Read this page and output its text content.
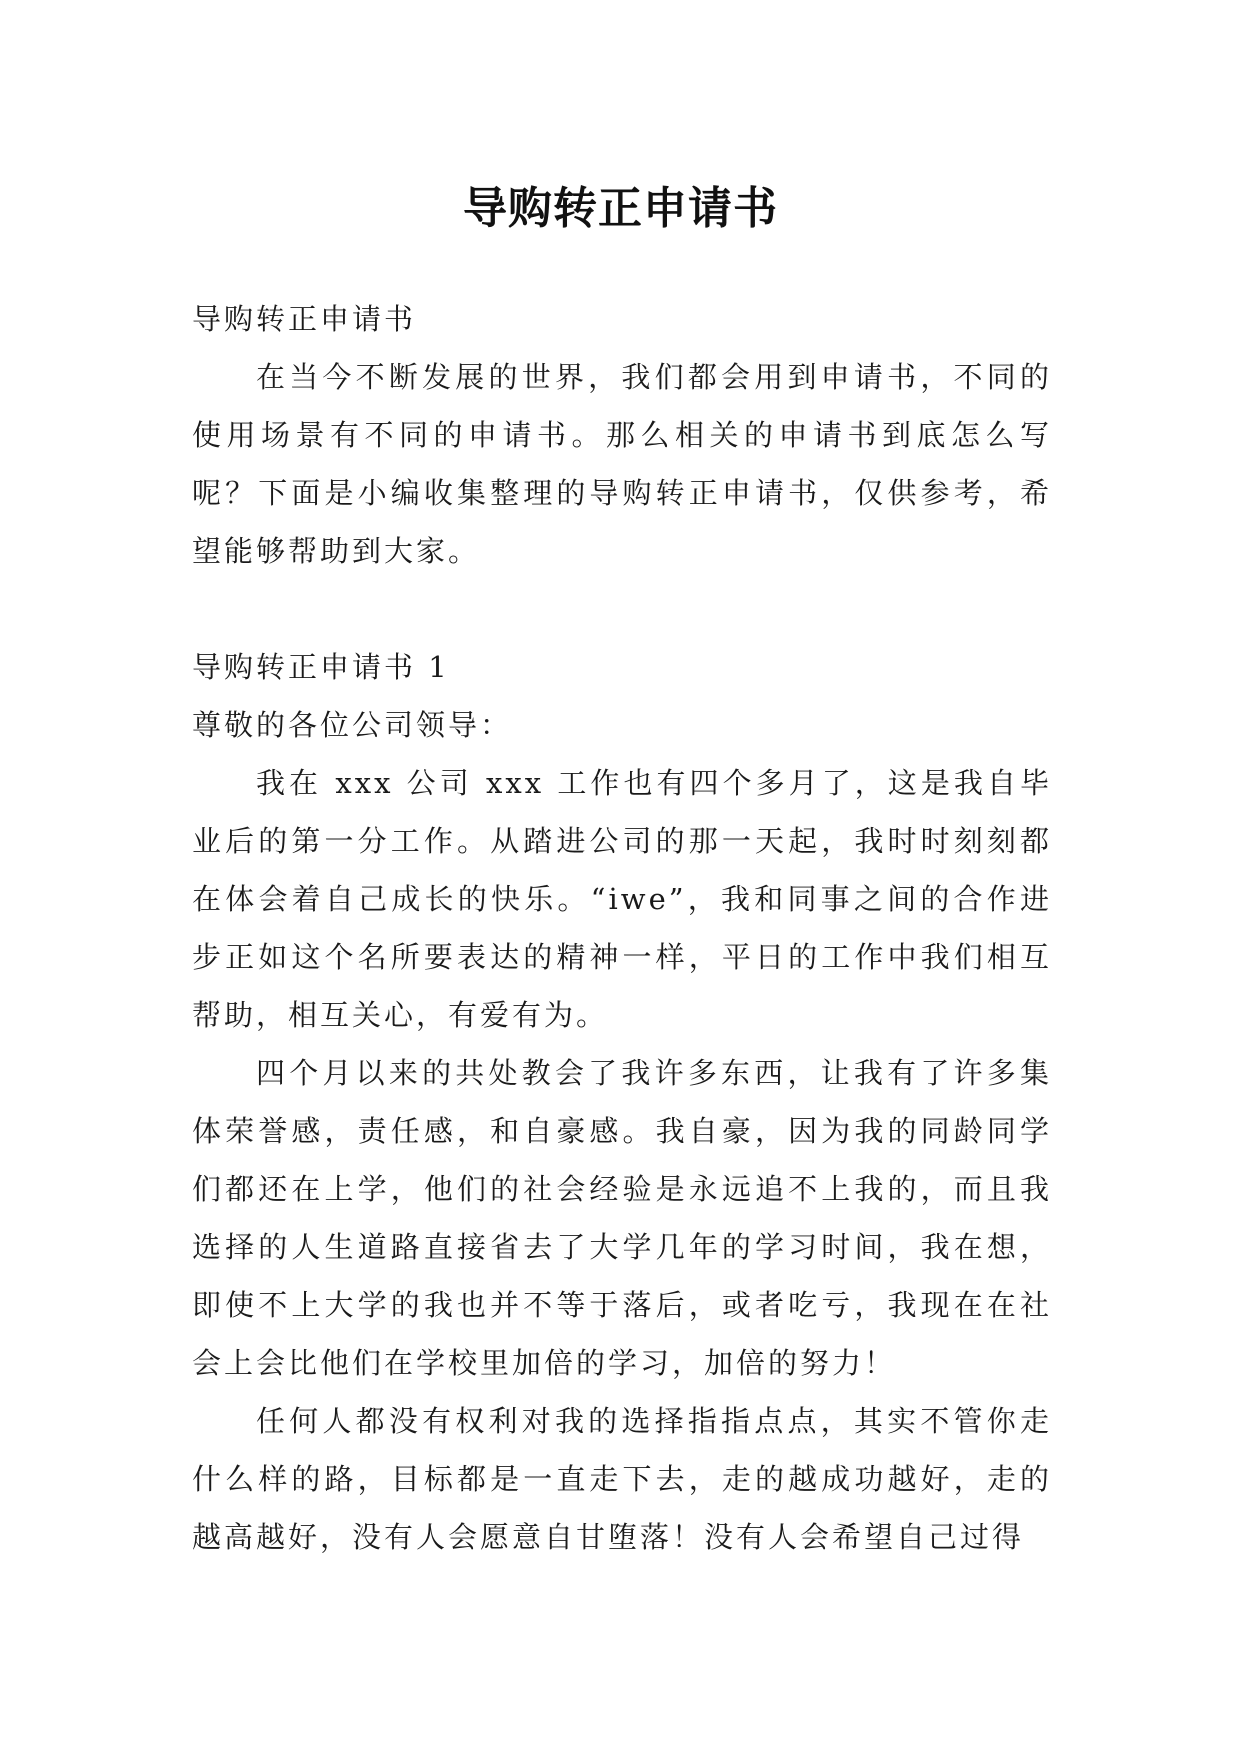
导购转正申请书

导购转正申请书

在当今不断发展的世界，我们都会用到申请书，不同的使用场景有不同的申请书。那么相关的申请书到底怎么写呢？下面是小编收集整理的导购转正申请书，仅供参考，希望能够帮助到大家。

导购转正申请书 1

尊敬的各位公司领导：

我在 xxx 公司 xxx 工作也有四个多月了，这是我自毕业后的第一分工作。从踏进公司的那一天起，我时时刻刻都在体会着自己成长的快乐。“iwe”，我和同事之间的合作进步正如这个名所要表达的精神一样，平日的工作中我们相互帮助，相互关心，有爱有为。

四个月以来的共处教会了我许多东西，让我有了许多集体荣誉感，责任感，和自豪感。我自豪，因为我的同龄同学们都还在上学，他们的社会经验是永远追不上我的，而且我选择的人生道路直接省去了大学几年的学习时间，我在想，即使不上大学的我也并不等于落后，或者吃亏，我现在在社会上会比他们在学校里加倍的学习，加倍的努力！

任何人都没有权利对我的选择指指点点，其实不管你走什么样的路，目标都是一直走下去，走的越成功越好，走的越高越好，没有人会愿意自甘堕落！没有人会希望自己过得
